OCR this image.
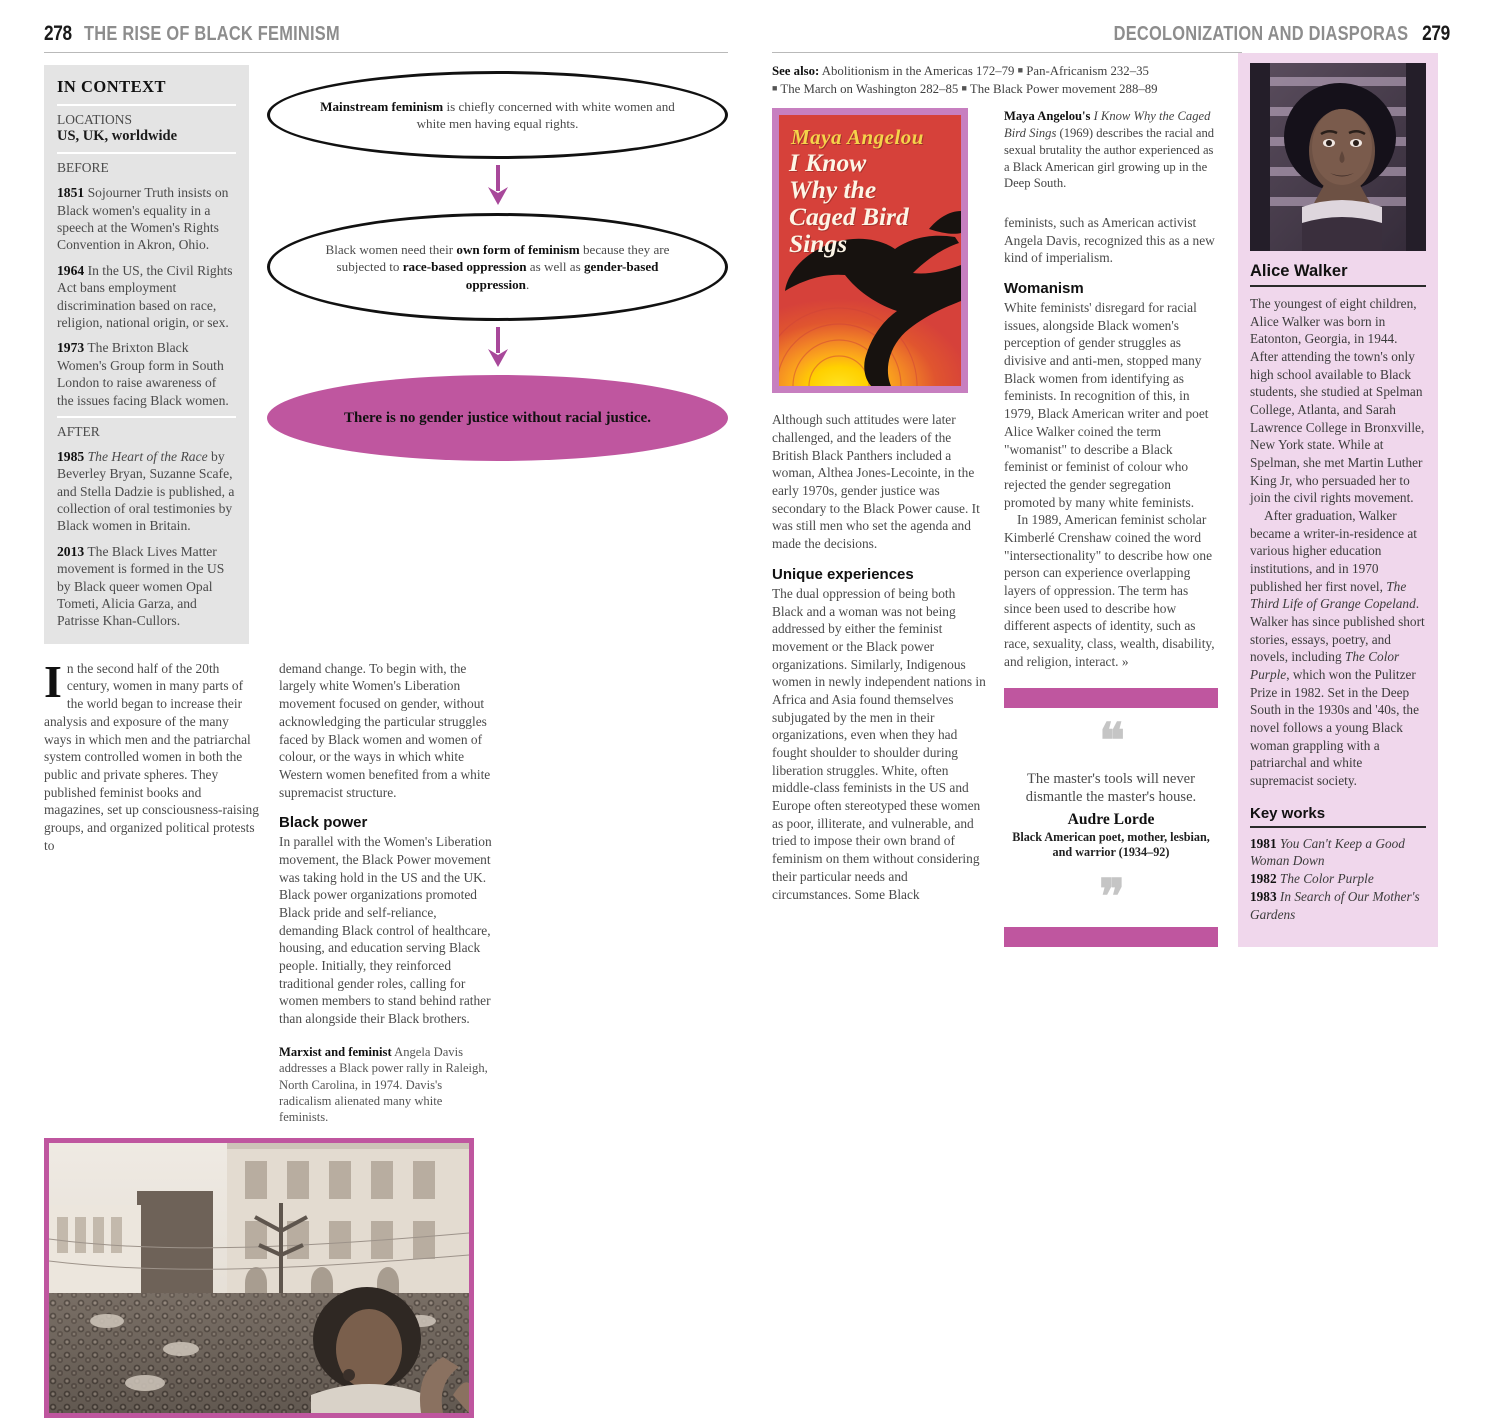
278 THE RISE OF BLACK FEMINISM
IN CONTEXT
LOCATIONS
US, UK, worldwide
BEFORE
1851 Sojourner Truth insists on Black women's equality in a speech at the Women's Rights Convention in Akron, Ohio.
1964 In the US, the Civil Rights Act bans employment discrimination based on race, religion, national origin, or sex.
1973 The Brixton Black Women's Group form in South London to raise awareness of the issues facing Black women.
AFTER
1985 The Heart of the Race by Beverley Bryan, Suzanne Scafe, and Stella Dadzie is published, a collection of oral testimonies by Black women in Britain.
2013 The Black Lives Matter movement is formed in the US by Black queer women Opal Tometi, Alicia Garza, and Patrisse Khan-Cullors.
Mainstream feminism is chiefly concerned with white women and white men having equal rights.
Black women need their own form of feminism because they are subjected to race-based oppression as well as gender-based oppression.
There is no gender justice without racial justice.

In the second half of the 20th century, women in many parts of the world began to increase their analysis and exposure of the many ways in which men and the patriarchal system controlled women in both the public and private spheres. They published feminist books and magazines, set up consciousness-raising groups, and organized political protests to

demand change. To begin with, the largely white Women's Liberation movement focused on gender, without acknowledging the particular struggles faced by Black women and women of colour, or the ways in which white Western women benefited from a white supremacist structure.

Black power

In parallel with the Women's Liberation movement, the Black Power movement was taking hold in the US and the UK. Black power organizations promoted Black pride and self-reliance, demanding Black control of healthcare, housing, and education serving Black people. Initially, they reinforced traditional gender roles, calling for women members to stand behind rather than alongside their Black brothers.

Marxist and feminist Angela Davis addresses a Black power rally in Raleigh, North Carolina, in 1974. Davis's radicalism alienated many white feminists.
DECOLONIZATION AND DIASPORAS 279
See also: Abolitionism in the Americas 172–79 ■ Pan-Africanism 232–35
■ The March on Washington 282–85 ■ The Black Power movement 288–89
Maya Angelou
I Know
Why the
Caged Bird
Sings

Although such attitudes were later challenged, and the leaders of the British Black Panthers included a woman, Althea Jones-Lecointe, in the early 1970s, gender justice was secondary to the Black Power cause. It was still men who set the agenda and made the decisions.

Unique experiences

The dual oppression of being both Black and a woman was not being addressed by either the feminist movement or the Black power organizations. Similarly, Indigenous women in newly independent nations in Africa and Asia found themselves subjugated by the men in their organizations, even when they had fought shoulder to shoulder during liberation struggles. White, often middle-class feminists in the US and Europe often stereotyped these women as poor, illiterate, and vulnerable, and tried to impose their own brand of feminism on them without considering their particular needs and circumstances. Some Black

Maya Angelou's I Know Why the Caged Bird Sings (1969) describes the racial and sexual brutality the author experienced as a Black American girl growing up in the Deep South.

feminists, such as American activist Angela Davis, recognized this as a new kind of imperialism.

Womanism

White feminists' disregard for racial issues, alongside Black women's perception of gender struggles as divisive and anti-men, stopped many Black women from identifying as feminists. In recognition of this, in 1979, Black American writer and poet Alice Walker coined the term "womanist" to describe a Black feminist or feminist of colour who rejected the gender segregation promoted by many white feminists.

In 1989, American feminist scholar Kimberlé Crenshaw coined the word "intersectionality" to describe how one person can experience overlapping layers of oppression. The term has since been used to describe how different aspects of identity, such as race, sexuality, class, wealth, disability, and religion, interact. »

❝
The master's tools will never dismantle the master's house.
Audre Lorde
Black American poet, mother, lesbian, and warrior (1934–92)
❞
Alice Walker

The youngest of eight children, Alice Walker was born in Eatonton, Georgia, in 1944. After attending the town's only high school available to Black students, she studied at Spelman College, Atlanta, and Sarah Lawrence College in Bronxville, New York state. While at Spelman, she met Martin Luther King Jr, who persuaded her to join the civil rights movement.

After graduation, Walker became a writer-in-residence at various higher education institutions, and in 1970 published her first novel, The Third Life of Grange Copeland. Walker has since published short stories, essays, poetry, and novels, including The Color Purple, which won the Pulitzer Prize in 1982. Set in the Deep South in the 1930s and '40s, the novel follows a young Black woman grappling with a patriarchal and white supremacist society.

Key works
1981 You Can't Keep a Good Woman Down
1982 The Color Purple
1983 In Search of Our Mother's Gardens
